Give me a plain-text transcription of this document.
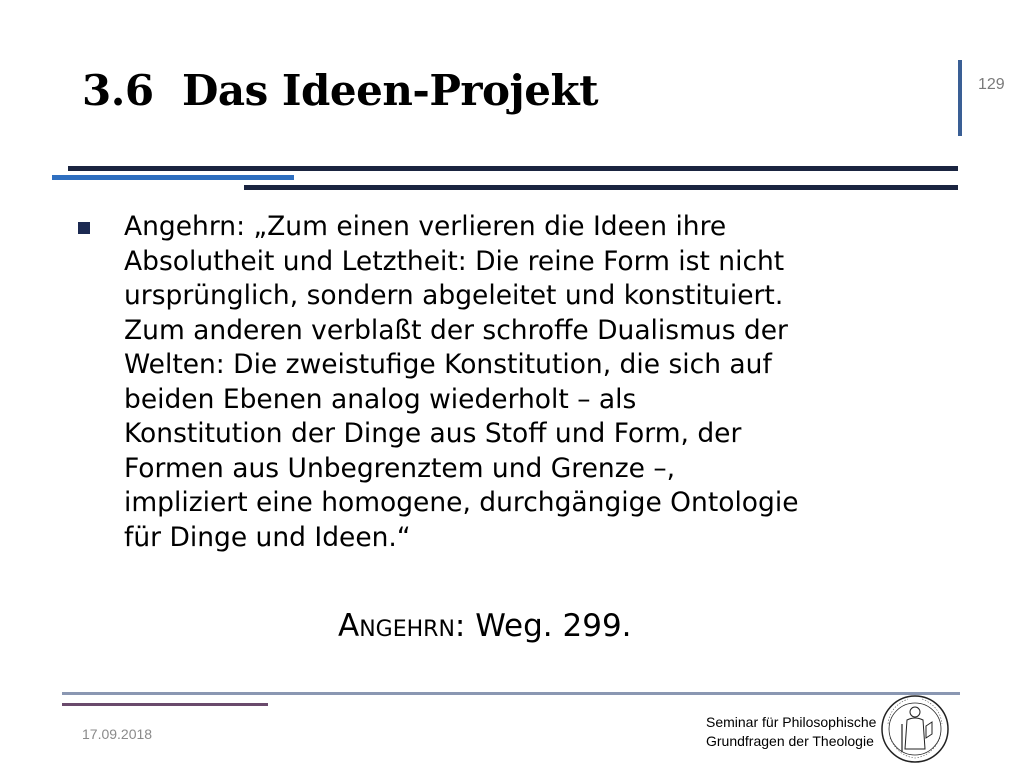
3.6 Das Ideen-Projekt	129

Angehrn: „Zum einen verlieren die Ideen ihre
Absolutheit und Letztheit: Die reine Form ist nicht
ursprünglich, sondern abgeleitet und konstituiert.
Zum anderen verblaßt der schroffe Dualismus der
Welten: Die zweistufige Konstitution, die sich auf
beiden Ebenen analog wiederholt – als
Konstitution der Dinge aus Stoff und Form, der
Formen aus Unbegrenztem und Grenze –,
impliziert eine homogene, durchgängige Ontologie
für Dinge und Ideen.“

Angehrn: Weg. 299.

17.09.2018
Seminar für Philosophische
Grundfragen der Theologie
